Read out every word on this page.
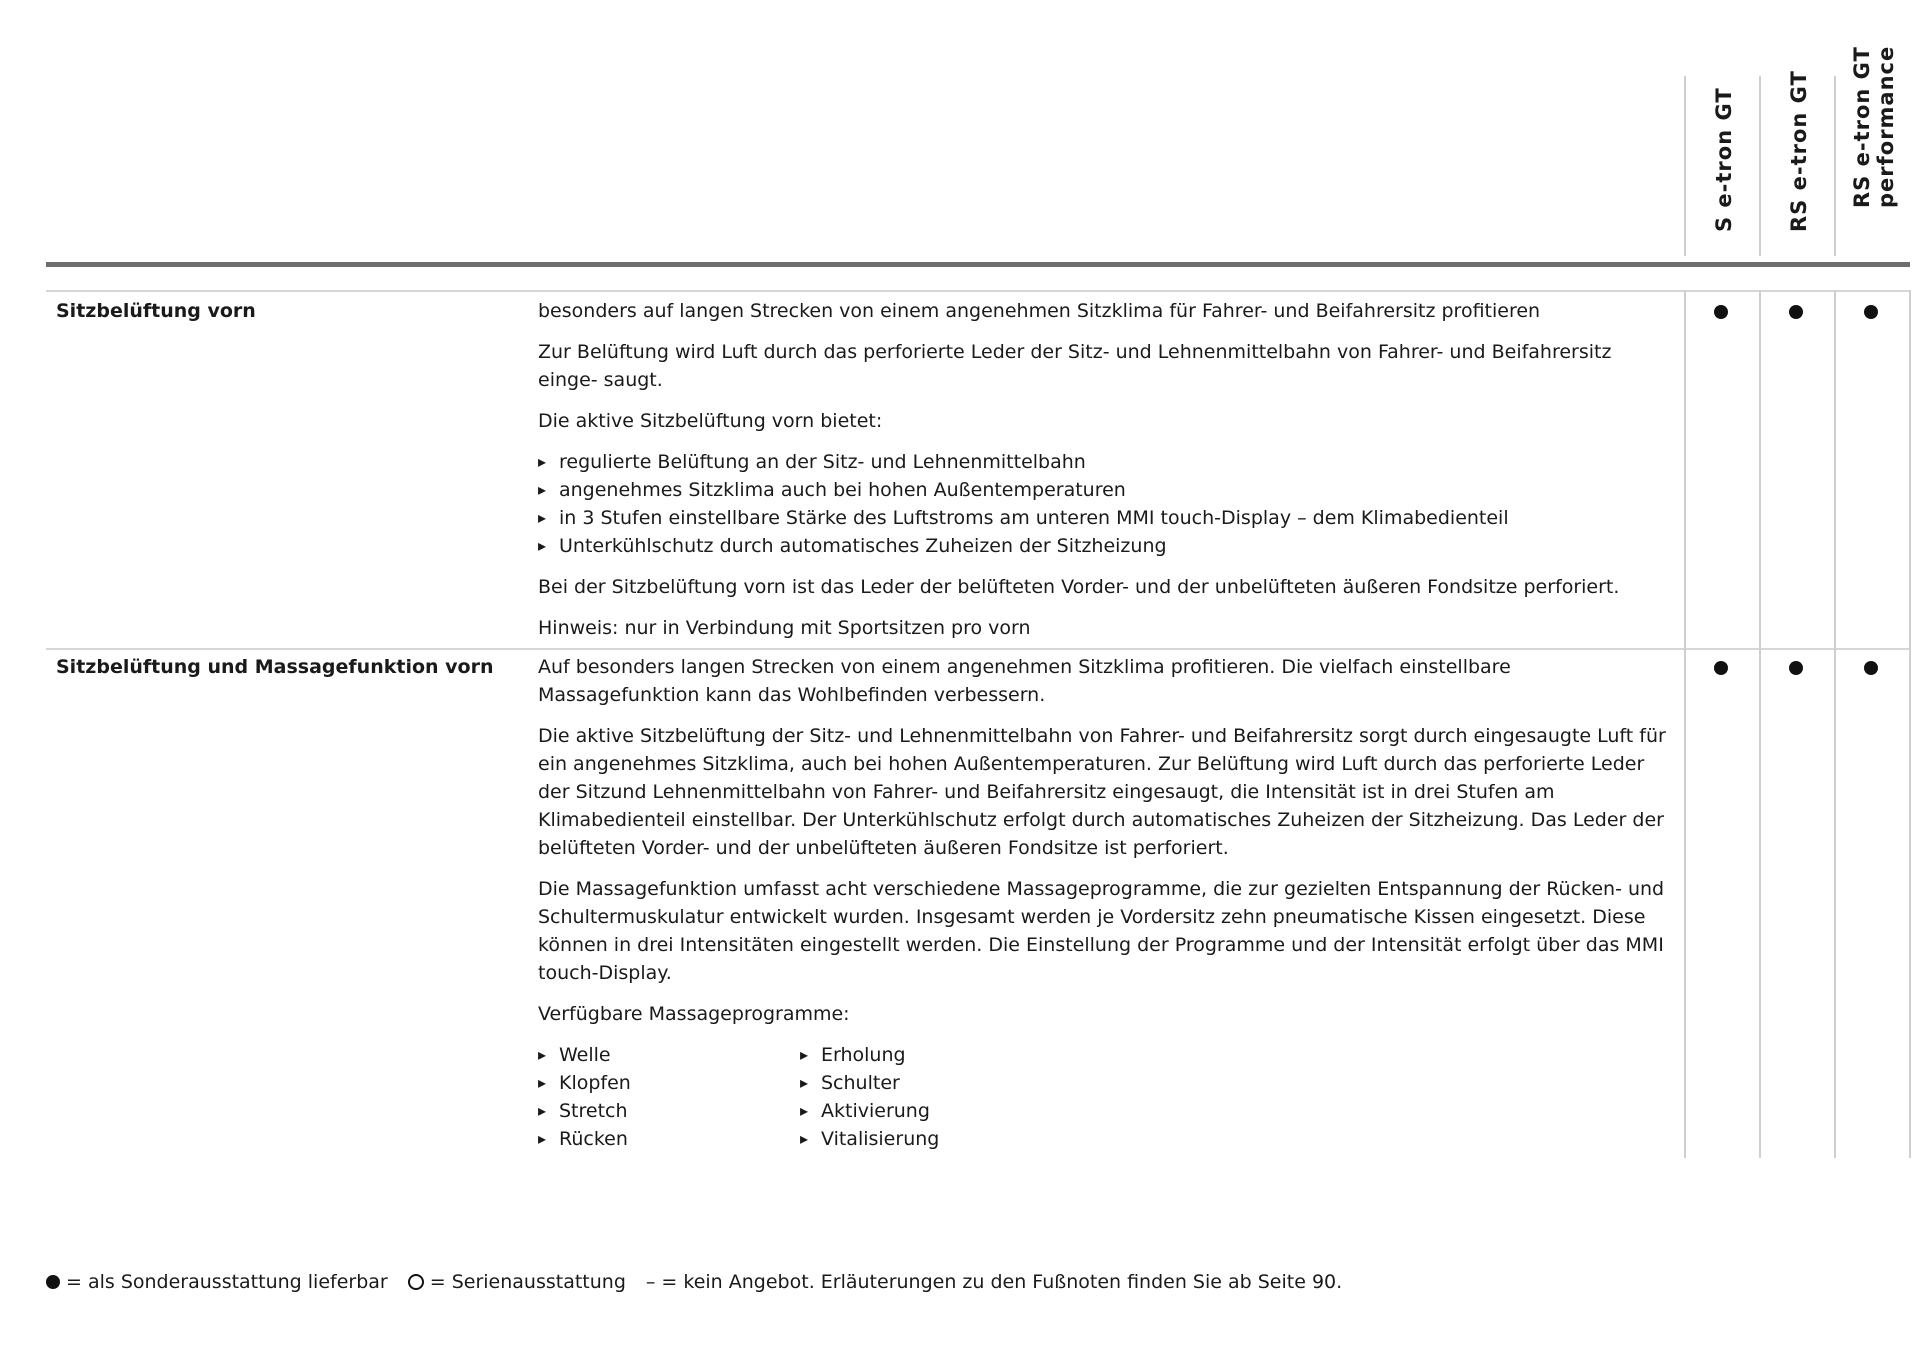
S e-tron GT RS e-tron GT RS e-tron GT
performance
Sitzbelüftung vorn	besonders auf langen Strecken von einem angenehmen Sitzklima für Fahrer- und Beifahrersitz profitieren

Zur Belüftung wird Luft durch das perforierte Leder der Sitz- und Lehnenmittelbahn von Fahrer- und Beifahrersitz einge- saugt.

Die aktive Sitzbelüftung vorn bietet:

▸ regulierte Belüftung an der Sitz- und Lehnenmittelbahn
▸ angenehmes Sitzklima auch bei hohen Außentemperaturen
▸ in 3 Stufen einstellbare Stärke des Luftstroms am unteren MMI touch-Display – dem Klimabedienteil
▸ Unterkühlschutz durch automatisches Zuheizen der Sitzheizung

Bei der Sitzbelüftung vorn ist das Leder der belüfteten Vorder- und der unbelüfteten äußeren Fondsitze perforiert.

Hinweis: nur in Verbindung mit Sportsitzen pro vorn

Sitzbelüftung und Massagefunktion vorn Auf besonders langen Strecken von einem angenehmen Sitzklima profitieren. Die vielfach einstellbare Massagefunktion kann das Wohlbefinden verbessern.

Die aktive Sitzbelüftung der Sitz- und Lehnenmittelbahn von Fahrer- und Beifahrersitz sorgt durch eingesaugte Luft für ein angenehmes Sitzklima, auch bei hohen Außentemperaturen. Zur Belüftung wird Luft durch das perforierte Leder der Sitzund Lehnenmittelbahn von Fahrer- und Beifahrersitz eingesaugt, die Intensität ist in drei Stufen am Klimabedienteil einstellbar. Der Unterkühlschutz erfolgt durch automatisches Zuheizen der Sitzheizung. Das Leder der belüfteten Vorder- und der unbelüfteten äußeren Fondsitze ist perforiert.

Die Massagefunktion umfasst acht verschiedene Massageprogramme, die zur gezielten Entspannung der Rücken- und Schultermuskulatur entwickelt wurden. Insgesamt werden je Vordersitz zehn pneumatische Kissen eingesetzt. Diese können in drei Intensitäten eingestellt werden. Die Einstellung der Programme und der Intensität erfolgt über das MMI touch-Display.

Verfügbare Massageprogramme:

▸ Welle
▸ Klopfen
▸ Stretch
▸ Rücken
▸ Erholung
▸ Schulter
▸ Aktivierung
▸ Vitalisierung
= als Sonderausstattung lieferbar = Serienausstattung – = kein Angebot. Erläuterungen zu den Fußnoten finden Sie ab Seite 90.
